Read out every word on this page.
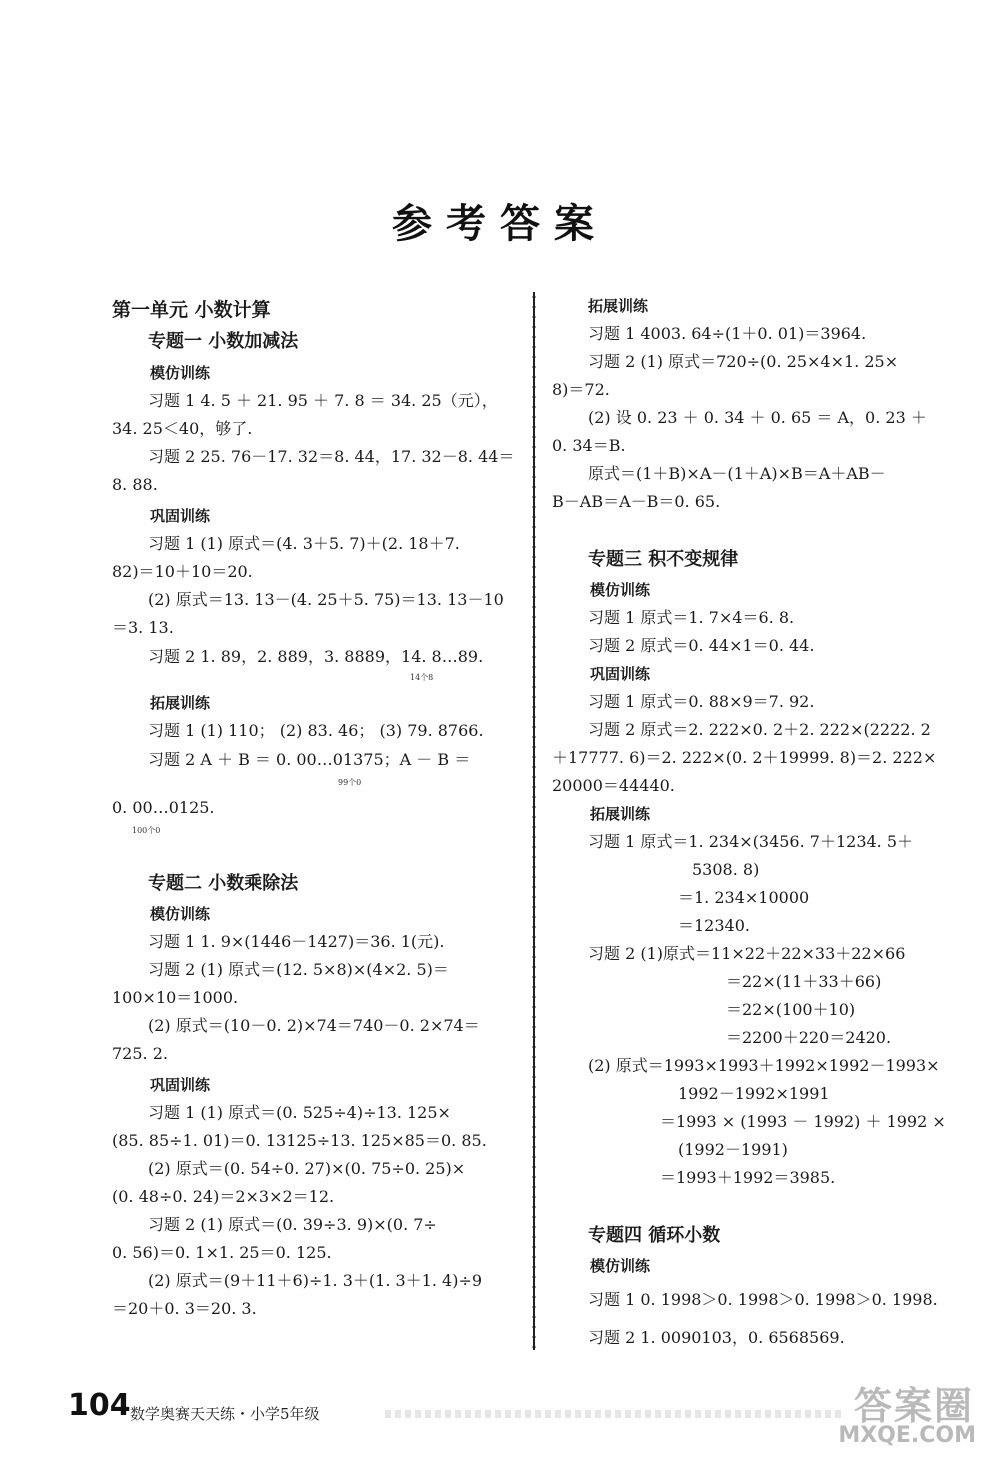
参考答案
第一单元 小数计算
专题一 小数加减法
模仿训练
习题 1 4. 5 ＋ 21. 95 ＋ 7. 8 ＝ 34. 25（元），
34. 25＜40，够了.
习题 2 25. 76－17. 32＝8. 44，17. 32－8. 44＝
8. 88.
巩固训练
习题 1 (1) 原式＝(4. 3＋5. 7)＋(2. 18＋7.
82)＝10＋10＝20.
(2) 原式＝13. 13－(4. 25＋5. 75)＝13. 13－10
＝3. 13.
习题 2 1. 89，2. 889，3. 8889，14. 8…89.
14个8
拓展训练
习题 1 (1) 110； (2) 83. 46； (3) 79. 8766.
习题 2 A ＋ B ＝ 0. 00…01375；A － B ＝
99个0
0. 00…0125.
100个0
专题二 小数乘除法
模仿训练
习题 1 1. 9×(1446－1427)＝36. 1(元).
习题 2 (1) 原式＝(12. 5×8)×(4×2. 5)＝
100×10＝1000.
(2) 原式＝(10－0. 2)×74＝740－0. 2×74＝
725. 2.
巩固训练
习题 1 (1) 原式＝(0. 525÷4)÷13. 125×
(85. 85÷1. 01)＝0. 13125÷13. 125×85＝0. 85.
(2) 原式＝(0. 54÷0. 27)×(0. 75÷0. 25)×
(0. 48÷0. 24)＝2×3×2＝12.
习题 2 (1) 原式＝(0. 39÷3. 9)×(0. 7÷
0. 56)＝0. 1×1. 25＝0. 125.
(2) 原式＝(9＋11＋6)÷1. 3＋(1. 3＋1. 4)÷9
＝20＋0. 3＝20. 3.
拓展训练
习题 1 4003. 64÷(1＋0. 01)＝3964.
习题 2 (1) 原式＝720÷(0. 25×4×1. 25×
8)＝72.
(2) 设 0. 23 ＋ 0. 34 ＋ 0. 65 ＝ A，0. 23 ＋
0. 34＝B.
原式＝(1＋B)×A－(1＋A)×B＝A＋AB－
B－AB＝A－B＝0. 65.
专题三 积不变规律
模仿训练
习题 1 原式＝1. 7×4＝6. 8.
习题 2 原式＝0. 44×1＝0. 44.
巩固训练
习题 1 原式＝0. 88×9＝7. 92.
习题 2 原式＝2. 222×0. 2＋2. 222×(2222. 2
＋17777. 6)＝2. 222×(0. 2＋19999. 8)＝2. 222×
20000＝44440.
拓展训练
习题 1 原式＝1. 234×(3456. 7＋1234. 5＋
5308. 8)
＝1. 234×10000
＝12340.
习题 2 (1)原式＝11×22＋22×33＋22×66
＝22×(11＋33＋66)
＝22×(100＋10)
＝2200＋220＝2420.
(2) 原式＝1993×1993＋1992×1992－1993×
1992－1992×1991
＝1993 × (1993 － 1992) ＋ 1992 ×
(1992－1991)
＝1993＋1992＝3985.
专题四 循环小数
模仿训练
习题 1 0. 1998＞0. 1998＞0. 1998＞0. 1998.
习题 2 1. 0090103，0. 6568569.
104 数学奥赛天天练・小学5年级	答案圈
MXQE.COM
